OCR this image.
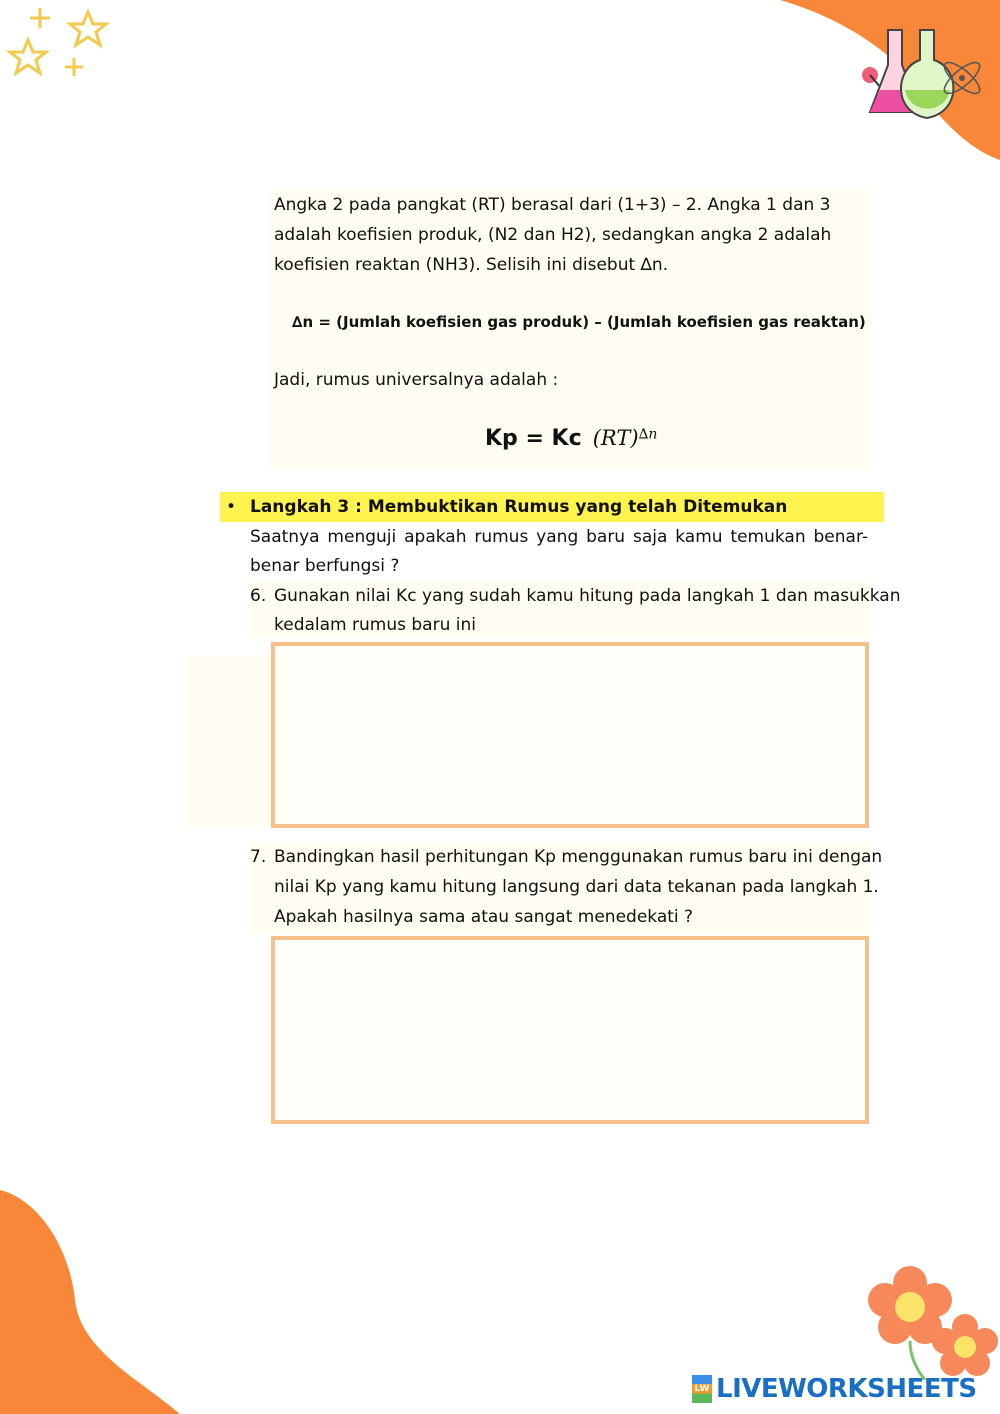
Angka 2 pada pangkat (RT) berasal dari (1+3) – 2. Angka 1 dan 3
adalah koefisien produk, (N2 dan H2), sedangkan angka 2 adalah
koefisien reaktan (NH3). Selisih ini disebut ∆n.
∆n = (Jumlah koefisien gas produk) – (Jumlah koefisien gas reaktan)
Jadi, rumus universalnya adalah :
Kp = Kc (RT)$^{\Delta n}$
• Langkah 3 : Membuktikan Rumus yang telah Ditemukan
Saatnya menguji apakah rumus yang baru saja kamu temukan benar-
benar berfungsi ?
6. Gunakan nilai Kc yang sudah kamu hitung pada langkah 1 dan masukkan
kedalam rumus baru ini
7. Bandingkan hasil perhitungan Kp menggunakan rumus baru ini dengan
nilai Kp yang kamu hitung langsung dari data tekanan pada langkah 1.
Apakah hasilnya sama atau sangat menedekati ?
LW LIVEWORKSHEETS
